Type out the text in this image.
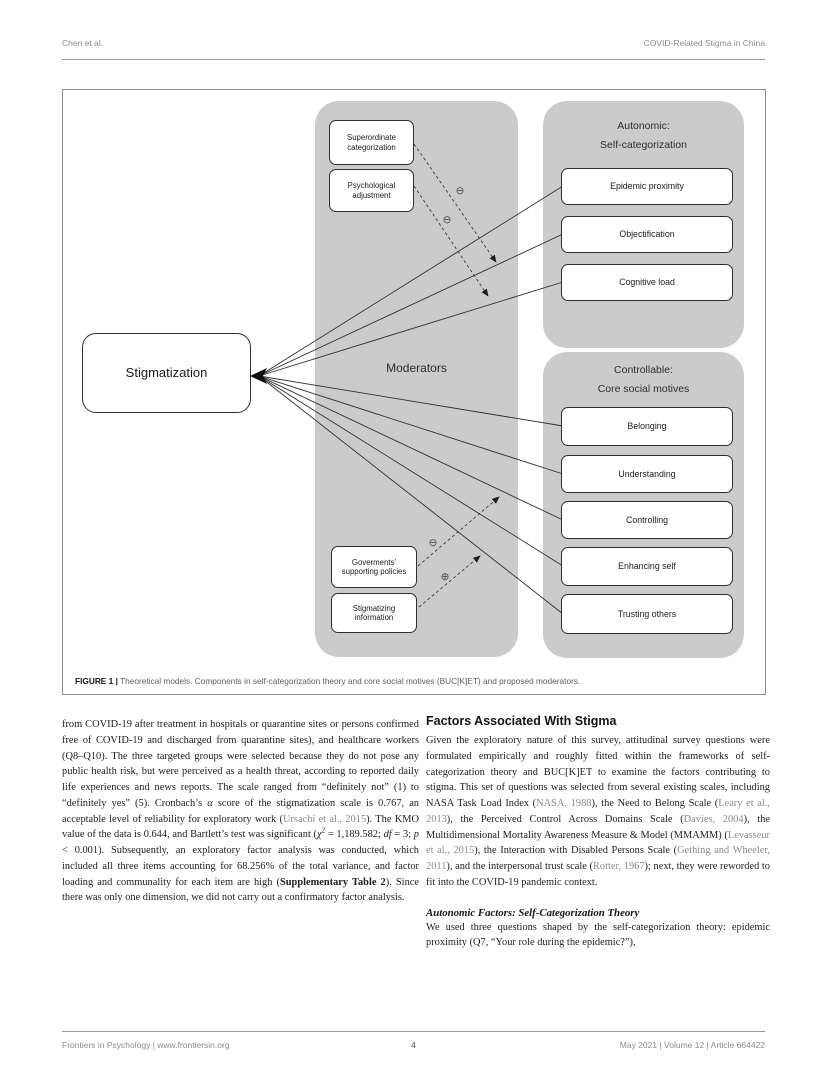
Chen et al.	COVID-Related Stigma in China
⊖
⊖
⊖
⊕
Moderators
Autonomic:
Self-categorization
Controllable:
Core social motives
Stigmatization
Superordinate categorization
Psychological adjustment
Goverments’ supporting policies
Stigmatizing information
Epidemic proximity
Objectification
Cognitive load
Belonging
Understanding
Controlling
Enhancing self
Trusting others
FIGURE 1 | Theoretical models. Components in self-categorization theory and core social motives (BUC[K]ET) and proposed moderators.

from COVID-19 after treatment in hospitals or quarantine sites or persons confirmed free of COVID-19 and discharged from quarantine sites), and healthcare workers (Q8–Q10). The three targeted groups were selected because they do not pose any public health risk, but were perceived as a health threat, according to reported daily life experiences and news reports. The scale ranged from “definitely not” (1) to “definitely yes” (5). Cronbach’s α score of the stigmatization scale is 0.767, an acceptable level of reliability for exploratory work (Ursachi et al., 2015). The KMO value of the data is 0.644, and Bartlett’s test was significant ($\chi^2 = 1,189.582$; df = 3; p < 0.001). Subsequently, an exploratory factor analysis was conducted, which included all three items accounting for 68.256% of the total variance, and factor loading and communality for each item are high (Supplementary Table 2). Since there was only one dimension, we did not carry out a confirmatory factor analysis.

Factors Associated With Stigma

Given the exploratory nature of this survey, attitudinal survey questions were formulated empirically and roughly fitted within the frameworks of self-categorization theory and BUC[K]ET to examine the factors contributing to stigma. This set of questions was selected from several existing scales, including NASA Task Load Index (NASA, 1988), the Need to Belong Scale (Leary et al., 2013), the Perceived Control Across Domains Scale (Davies, 2004), the Multidimensional Mortality Awareness Measure & Model (MMAMM) (Levasseur et al., 2015), the Interaction with Disabled Persons Scale (Gething and Wheeler, 2011), and the interpersonal trust scale (Rotter, 1967); next, they were reworded to fit into the COVID-19 pandemic context.

Autonomic Factors: Self-Categorization Theory

We used three questions shaped by the self-categorization theory: epidemic proximity (Q7, “Your role during the epidemic?”),

Frontiers in Psychology | www.frontiersin.org	4	May 2021 | Volume 12 | Article 664422
